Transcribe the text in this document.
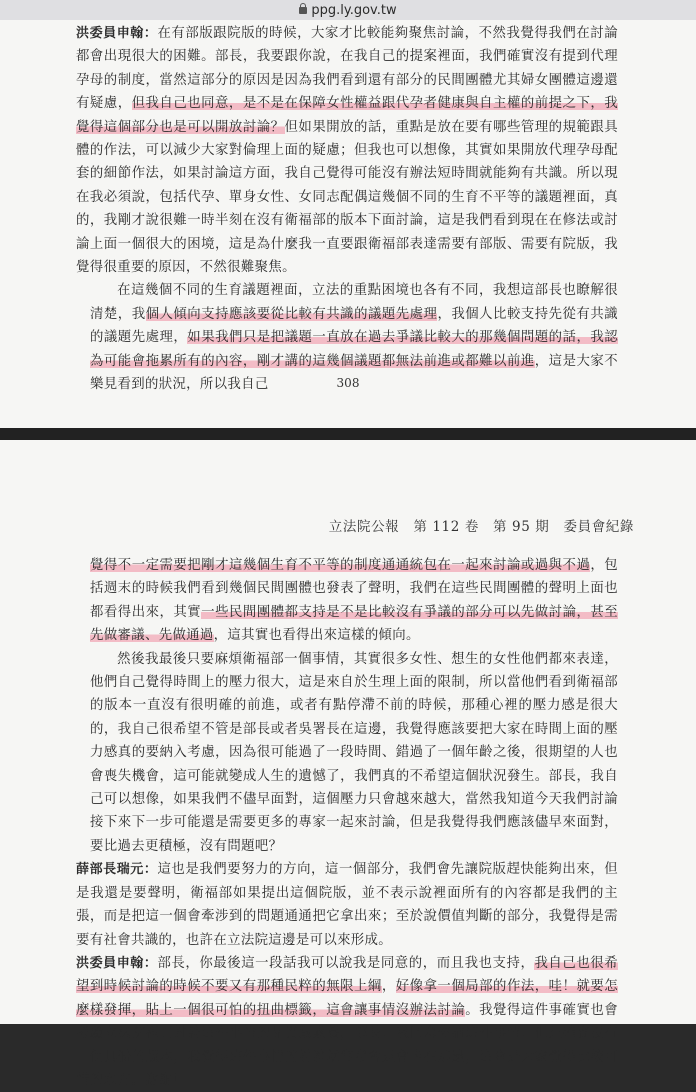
ppg.ly.gov.tw

洪委員申翰：在有部版跟院版的時候，大家才比較能夠聚焦討論，不然我覺得我們在討論都會出現很大的困難。部長，我要跟你說，在我自己的提案裡面，我們確實沒有提到代理孕母的制度，當然這部分的原因是因為我們看到還有部分的民間團體尤其婦女團體這邊還有疑慮，但我自己也同意，是不是在保障女性權益跟代孕者健康與自主權的前提之下，我覺得這個部分也是可以開放討論？但如果開放的話，重點是放在要有哪些管理的規範跟具體的作法，可以減少大家對倫理上面的疑慮；但我也可以想像，其實如果開放代理孕母配套的細節作法，如果討論這方面，我自己覺得可能沒有辦法短時間就能夠有共識。所以現在我必須說，包括代孕、單身女性、女同志配偶這幾個不同的生育不平等的議題裡面，真的，我剛才說很難一時半刻在沒有衛福部的版本下面討論，這是我們看到現在在修法或討論上面一個很大的困境，這是為什麼我一直要跟衛福部表達需要有部版、需要有院版，我覺得很重要的原因，不然很難聚焦。

在這幾個不同的生育議題裡面，立法的重點困境也各有不同，我想這部長也瞭解很清楚，我個人傾向支持應該要從比較有共識的議題先處理，我個人比較支持先從有共識的議題先處理，如果我們只是把議題一直放在過去爭議比較大的那幾個問題的話，我認為可能會拖累所有的內容，剛才講的這幾個議題都無法前進或都難以前進，這是大家不樂見看到的狀況，所以我自己	308
立法院公報　第 112 卷　第 95 期　委員會紀錄

覺得不一定需要把剛才這幾個生育不平等的制度通通統包在一起來討論或過與不過，包括週末的時候我們看到幾個民間團體也發表了聲明，我們在這些民間團體的聲明上面也都看得出來，其實一些民間團體都支持是不是比較沒有爭議的部分可以先做討論，甚至先做審議、先做通過，這其實也看得出來這樣的傾向。

然後我最後只要麻煩衛福部一個事情，其實很多女性、想生的女性他們都來表達，他們自己覺得時間上的壓力很大，這是來自於生理上面的限制，所以當他們看到衛福部的版本一直沒有很明確的前進，或者有點停滯不前的時候，那種心裡的壓力感是很大的，我自己很希望不管是部長或者吳署長在這邊，我覺得應該要把大家在時間上面的壓力感真的要納入考慮，因為很可能過了一段時間、錯過了一個年齡之後，很期望的人也會喪失機會，這可能就變成人生的遺憾了，我們真的不希望這個狀況發生。部長，我自己可以想像，如果我們不儘早面對，這個壓力只會越來越大，當然我知道今天我們討論接下來下一步可能還是需要更多的專家一起來討論，但是我覺得我們應該儘早來面對，要比過去更積極，沒有問題吧？

薛部長瑞元：這也是我們要努力的方向，這一個部分，我們會先讓院版趕快能夠出來，但是我還是要聲明，衛福部如果提出這個院版，並不表示說裡面所有的內容都是我們的主張，而是把這一個會牽涉到的問題通通把它拿出來；至於說價值判斷的部分，我覺得是需要有社會共識的，也許在立法院這邊是可以來形成。

洪委員申翰：部長，你最後這一段話我可以說我是同意的，而且我也支持，我自己也很希望到時候討論的時候不要又有那種民粹的無限上綱，好像拿一個局部的作法，哇！就要怎麼樣發揮，貼上一個很可怕的扭曲標籤，這會讓事情沒辦法討論。我覺得這件事確實也會考驗立法院裡面討論這件事情的品質跟素養，部長，我同意你講這件事情，但是確實沒有一個具體的版本，我覺得這件事情的討論就常常會是會卡在那邊，這會是大家覺得比較可惜的地方。謝謝！
